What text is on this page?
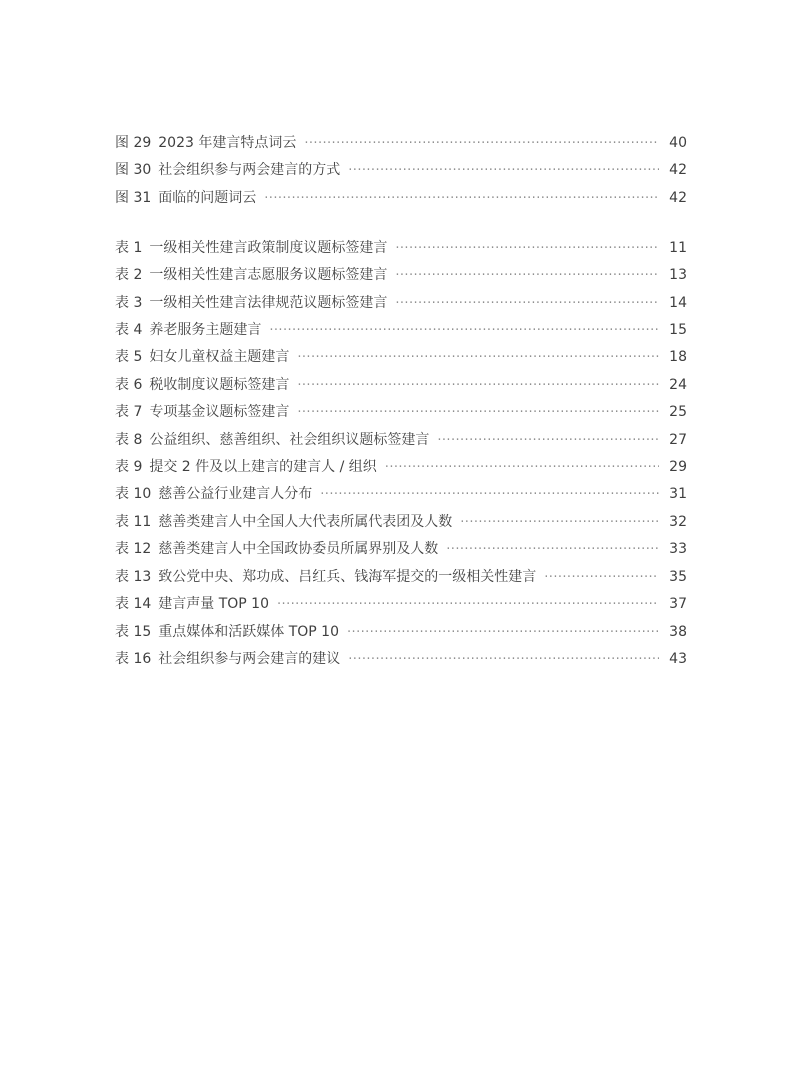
图 29 2023 年建言特点词云 ·····	40
图 30 社会组织参与两会建言的方式 ·····	42
图 31 面临的问题词云 ·····	42
表 1 一级相关性建言政策制度议题标签建言 ·····	11
表 2 一级相关性建言志愿服务议题标签建言 ·····	13
表 3 一级相关性建言法律规范议题标签建言 ·····	14
表 4 养老服务主题建言 ·····	15
表 5 妇女儿童权益主题建言 ·····	18
表 6 税收制度议题标签建言 ·····	24
表 7 专项基金议题标签建言 ·····	25
表 8 公益组织、慈善组织、社会组织议题标签建言 ·····	27
表 9 提交 2 件及以上建言的建言人 / 组织 ·····	29
表 10 慈善公益行业建言人分布 ·····	31
表 11 慈善类建言人中全国人大代表所属代表团及人数 ·····	32
表 12 慈善类建言人中全国政协委员所属界别及人数 ·····	33
表 13 致公党中央、郑功成、吕红兵、钱海军提交的一级相关性建言 ·····	35
表 14 建言声量 TOP 10 ·····	37
表 15 重点媒体和活跃媒体 TOP 10 ·····	38
表 16 社会组织参与两会建言的建议 ·····	43
